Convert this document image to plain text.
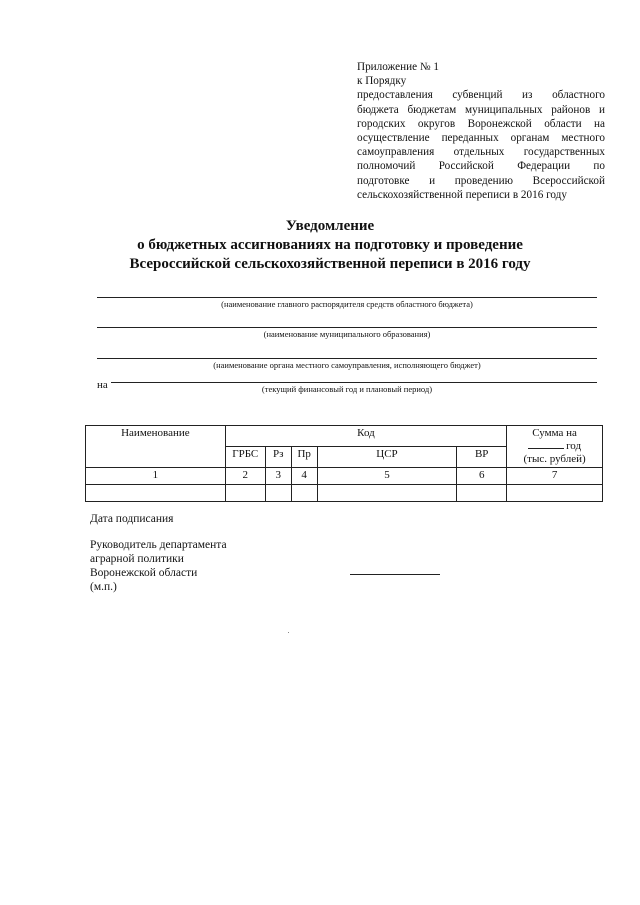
Приложение № 1
к Порядку
предоставления субвенций из областного
бюджета бюджетам муниципальных районов и
городских округов Воронежской области на
осуществление переданных органам местного
самоуправления отдельных государственных
полномочий Российской Федерации по
подготовке и проведению Всероссийской
сельскохозяйственной переписи в 2016 году
Уведомление
о бюджетных ассигнованиях на подготовку и проведение
Всероссийской сельскохозяйственной переписи в 2016 году
(наименование главного распорядителя средств областного бюджета)
(наименование муниципального образования)
(наименование органа местного самоуправления, исполняющего бюджет)
на	(текущий финансовый год и плановый период)
Наименование	Код					Сумма на
год
(тыс. рублей)
	ГРБС	Рз	Пр	ЦСР	ВР	
1	2	3	4	5	6	7

Дата подписания
Руководитель департамента
аграрной политики
Воронежской области
(м.п.)
